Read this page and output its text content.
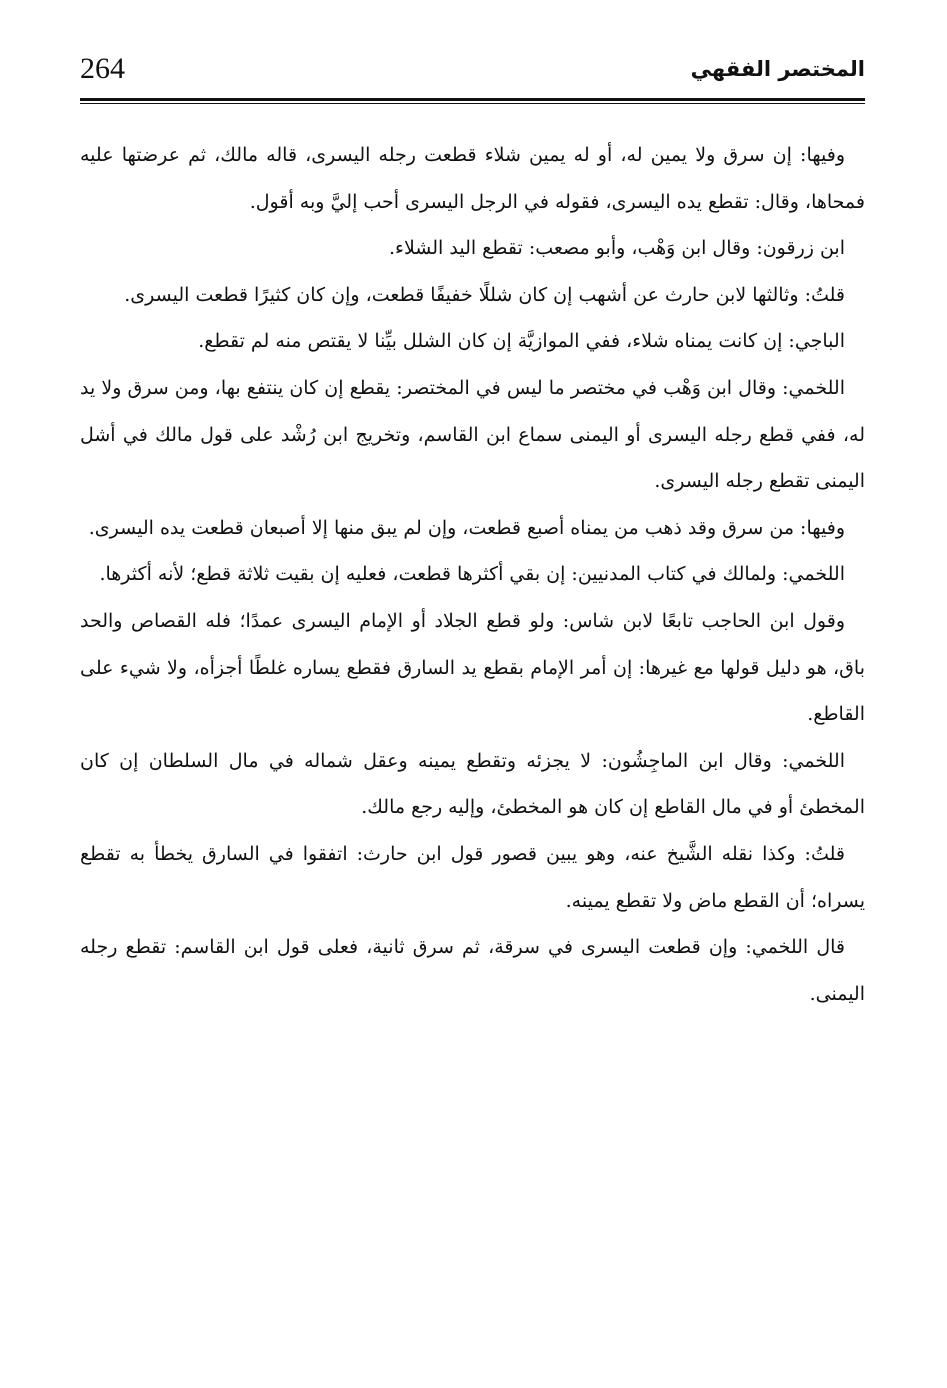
264	المختصر الفقهي

وفيها: إن سرق ولا يمين له، أو له يمين شلاء قطعت رجله اليسرى، قاله مالك، ثم عرضتها عليه فمحاها، وقال: تقطع يده اليسرى، فقوله في الرجل اليسرى أحب إليَّ وبه أقول.

ابن زرقون: وقال ابن وَهْب، وأبو مصعب: تقطع اليد الشلاء.

قلتُ: وثالثها لابن حارث عن أشهب إن كان شللًا خفيفًا قطعت، وإن كان كثيرًا قطعت اليسرى.

الباجي: إن كانت يمناه شلاء، ففي الموازيَّة إن كان الشلل بيِّنا لا يقتص منه لم تقطع.

اللخمي: وقال ابن وَهْب في مختصر ما ليس في المختصر: يقطع إن كان ينتفع بها، ومن سرق ولا يد له، ففي قطع رجله اليسرى أو اليمنى سماع ابن القاسم، وتخريج ابن رُشْد على قول مالك في أشل اليمنى تقطع رجله اليسرى.

وفيها: من سرق وقد ذهب من يمناه أصبع قطعت، وإن لم يبق منها إلا أصبعان قطعت يده اليسرى.

اللخمي: ولمالك في كتاب المدنيين: إن بقي أكثرها قطعت، فعليه إن بقيت ثلاثة قطع؛ لأنه أكثرها.

وقول ابن الحاجب تابعًا لابن شاس: ولو قطع الجلاد أو الإمام اليسرى عمدًا؛ فله القصاص والحد باق، هو دليل قولها مع غيرها: إن أمر الإمام بقطع يد السارق فقطع يساره غلطًا أجزأه، ولا شيء على القاطع.

اللخمي: وقال ابن الماجِشُون: لا يجزئه وتقطع يمينه وعقل شماله في مال السلطان إن كان المخطئ أو في مال القاطع إن كان هو المخطئ، وإليه رجع مالك.

قلتُ: وكذا نقله الشَّيخ عنه، وهو يبين قصور قول ابن حارث: اتفقوا في السارق يخطأ به تقطع يسراه؛ أن القطع ماض ولا تقطع يمينه.

قال اللخمي: وإن قطعت اليسرى في سرقة، ثم سرق ثانية، فعلى قول ابن القاسم: تقطع رجله اليمنى.
